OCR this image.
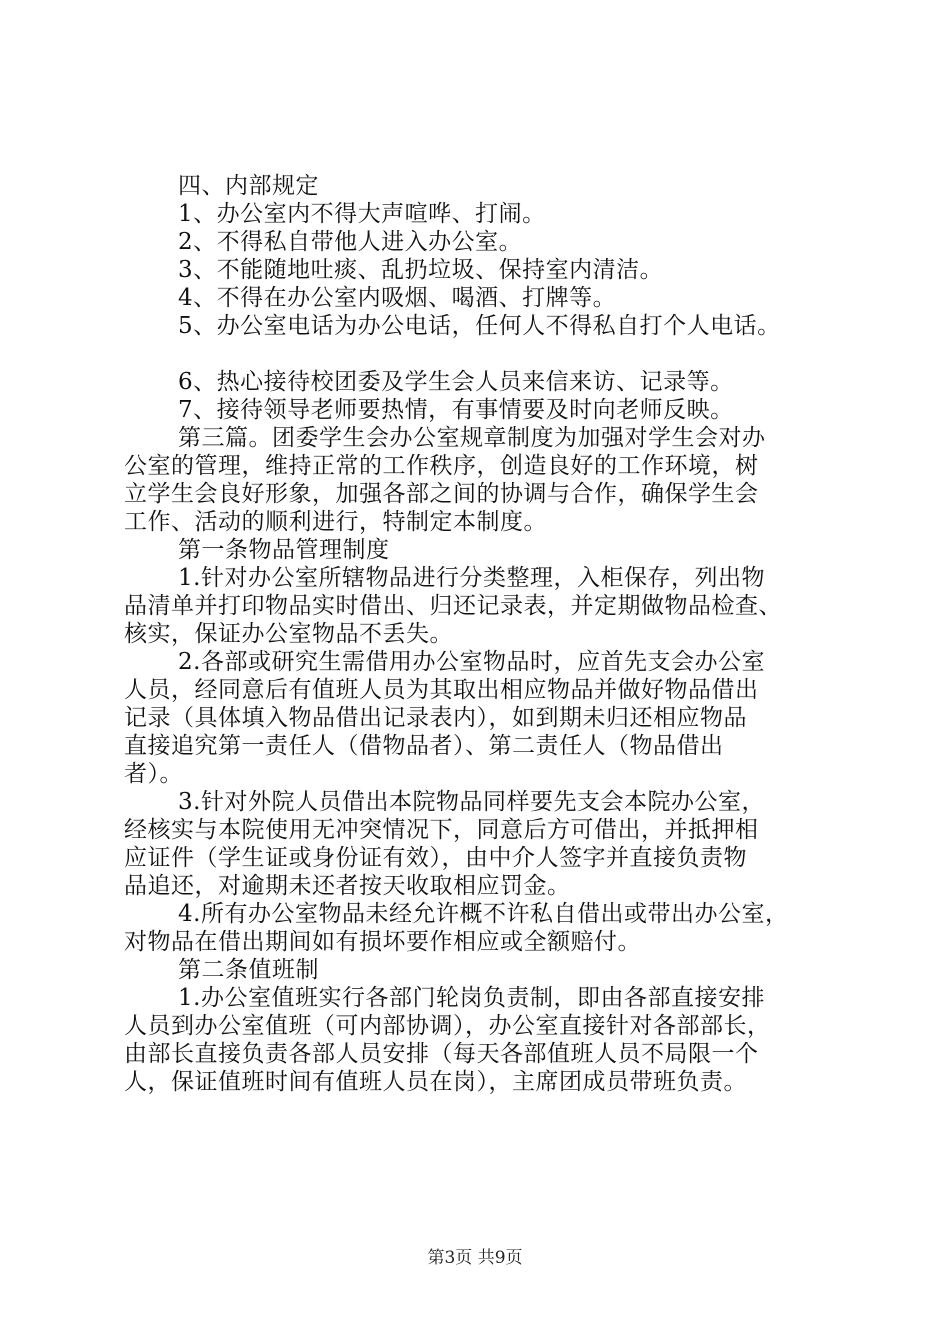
四、内部规定
1、办公室内不得大声喧哗、打闹。
2、不得私自带他人进入办公室。
3、不能随地吐痰、乱扔垃圾、保持室内清洁。
4、不得在办公室内吸烟、喝酒、打牌等。
5、办公室电话为办公电话，任何人不得私自打个人电话。
6、热心接待校团委及学生会人员来信来访、记录等。
7、接待领导老师要热情，有事情要及时向老师反映。
第三篇。团委学生会办公室规章制度为加强对学生会对办
公室的管理，维持正常的工作秩序，创造良好的工作环境，树
立学生会良好形象，加强各部之间的协调与合作，确保学生会
工作、活动的顺利进行，特制定本制度。
第一条物品管理制度
1.针对办公室所辖物品进行分类整理，入柜保存，列出物
品清单并打印物品实时借出、归还记录表，并定期做物品检查、
核实，保证办公室物品不丢失。
2.各部或研究生需借用办公室物品时，应首先支会办公室
人员，经同意后有值班人员为其取出相应物品并做好物品借出
记录（具体填入物品借出记录表内），如到期未归还相应物品
直接追究第一责任人（借物品者）、第二责任人（物品借出
者）。
3.针对外院人员借出本院物品同样要先支会本院办公室，
经核实与本院使用无冲突情况下，同意后方可借出，并抵押相
应证件（学生证或身份证有效），由中介人签字并直接负责物
品追还，对逾期未还者按天收取相应罚金。
4.所有办公室物品未经允许概不许私自借出或带出办公室，
对物品在借出期间如有损坏要作相应或全额赔付。
第二条值班制
1.办公室值班实行各部门轮岗负责制，即由各部直接安排
人员到办公室值班（可内部协调），办公室直接针对各部部长，
由部长直接负责各部人员安排（每天各部值班人员不局限一个
人，保证值班时间有值班人员在岗），主席团成员带班负责。
第3页 共9页
